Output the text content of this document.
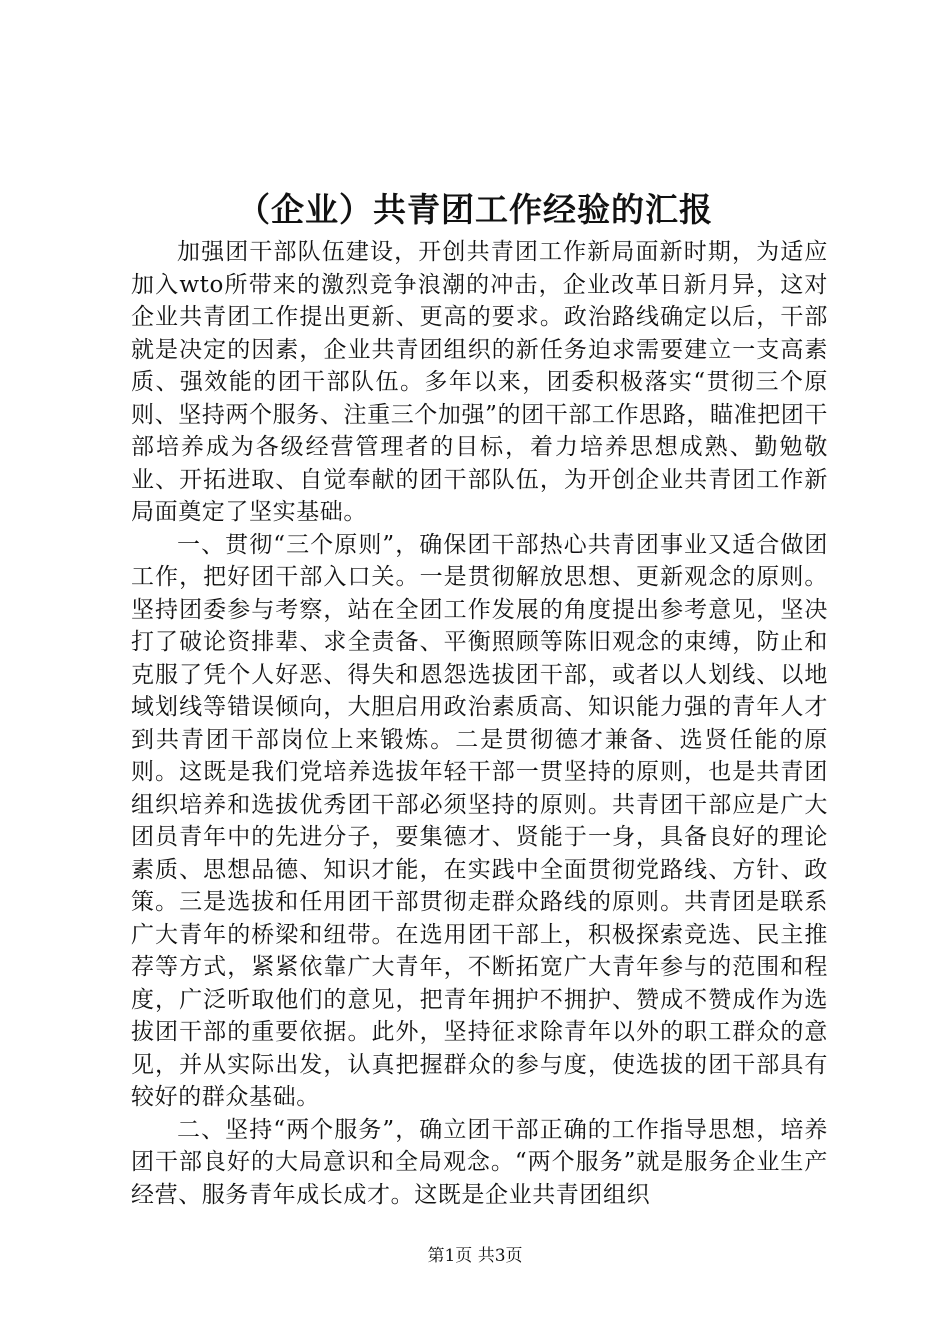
（企业）共青团工作经验的汇报

加强团干部队伍建设，开创共青团工作新局面新时期，为适应加入wto所带来的激烈竞争浪潮的冲击，企业改革日新月异，这对企业共青团工作提出更新、更高的要求。政治路线确定以后，干部就是决定的因素，企业共青团组织的新任务迫求需要建立一支高素质、强效能的团干部队伍。多年以来，团委积极落实“贯彻三个原则、坚持两个服务、注重三个加强”的团干部工作思路，瞄准把团干部培养成为各级经营管理者的目标，着力培养思想成熟、勤勉敬业、开拓进取、自觉奉献的团干部队伍，为开创企业共青团工作新局面奠定了坚实基础。

一、贯彻“三个原则”，确保团干部热心共青团事业又适合做团工作，把好团干部入口关。一是贯彻解放思想、更新观念的原则。坚持团委参与考察，站在全团工作发展的角度提出参考意见，坚决打了破论资排辈、求全责备、平衡照顾等陈旧观念的束缚，防止和克服了凭个人好恶、得失和恩怨选拔团干部，或者以人划线、以地域划线等错误倾向，大胆启用政治素质高、知识能力强的青年人才到共青团干部岗位上来锻炼。二是贯彻德才兼备、选贤任能的原则。这既是我们党培养选拔年轻干部一贯坚持的原则，也是共青团组织培养和选拔优秀团干部必须坚持的原则。共青团干部应是广大团员青年中的先进分子，要集德才、贤能于一身，具备良好的理论素质、思想品德、知识才能，在实践中全面贯彻党路线、方针、政策。三是选拔和任用团干部贯彻走群众路线的原则。共青团是联系广大青年的桥梁和纽带。在选用团干部上，积极探索竞选、民主推荐等方式，紧紧依靠广大青年，不断拓宽广大青年参与的范围和程度，广泛听取他们的意见，把青年拥护不拥护、赞成不赞成作为选拔团干部的重要依据。此外，坚持征求除青年以外的职工群众的意见，并从实际出发，认真把握群众的参与度，使选拔的团干部具有较好的群众基础。

二、坚持“两个服务”，确立团干部正确的工作指导思想，培养团干部良好的大局意识和全局观念。“两个服务”就是服务企业生产经营、服务青年成长成才。这既是企业共青团组织

第1页 共3页
